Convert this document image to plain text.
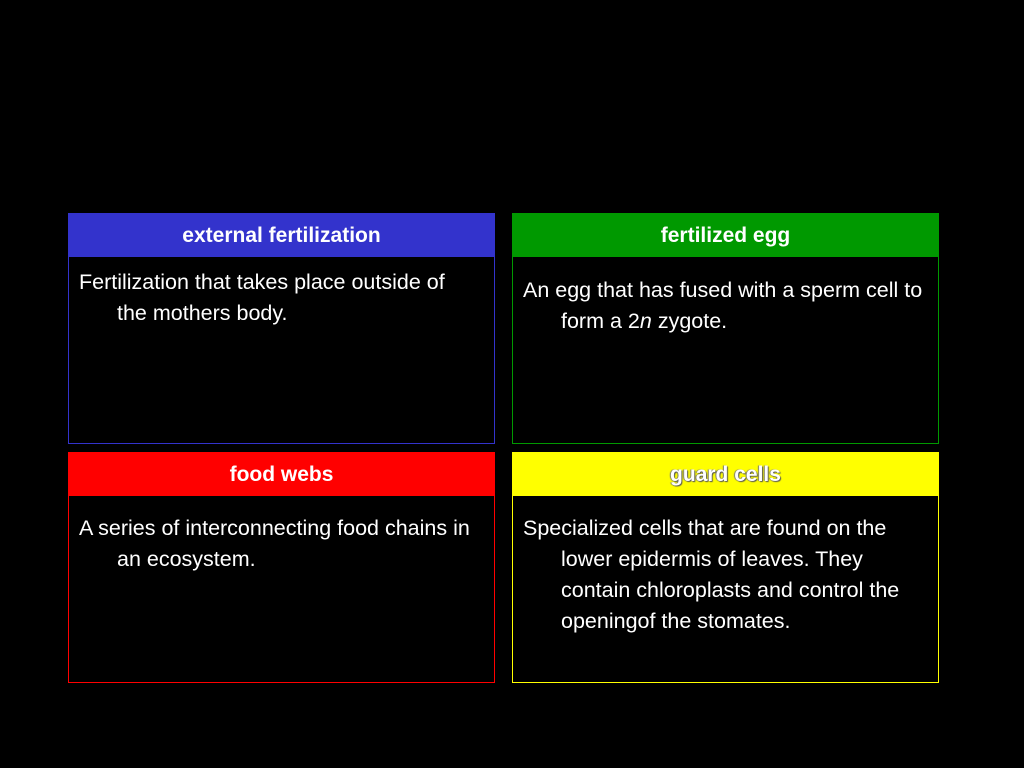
external fertilization

Fertilization that takes place outside of the mothers body.

fertilized egg

An egg that has fused with a sperm cell to form a 2n zygote.

food webs

A series of interconnecting food chains in an ecosystem.

guard cells

Specialized cells that are found on the lower epidermis of leaves. They contain chloroplasts and control the openingof the stomates.
